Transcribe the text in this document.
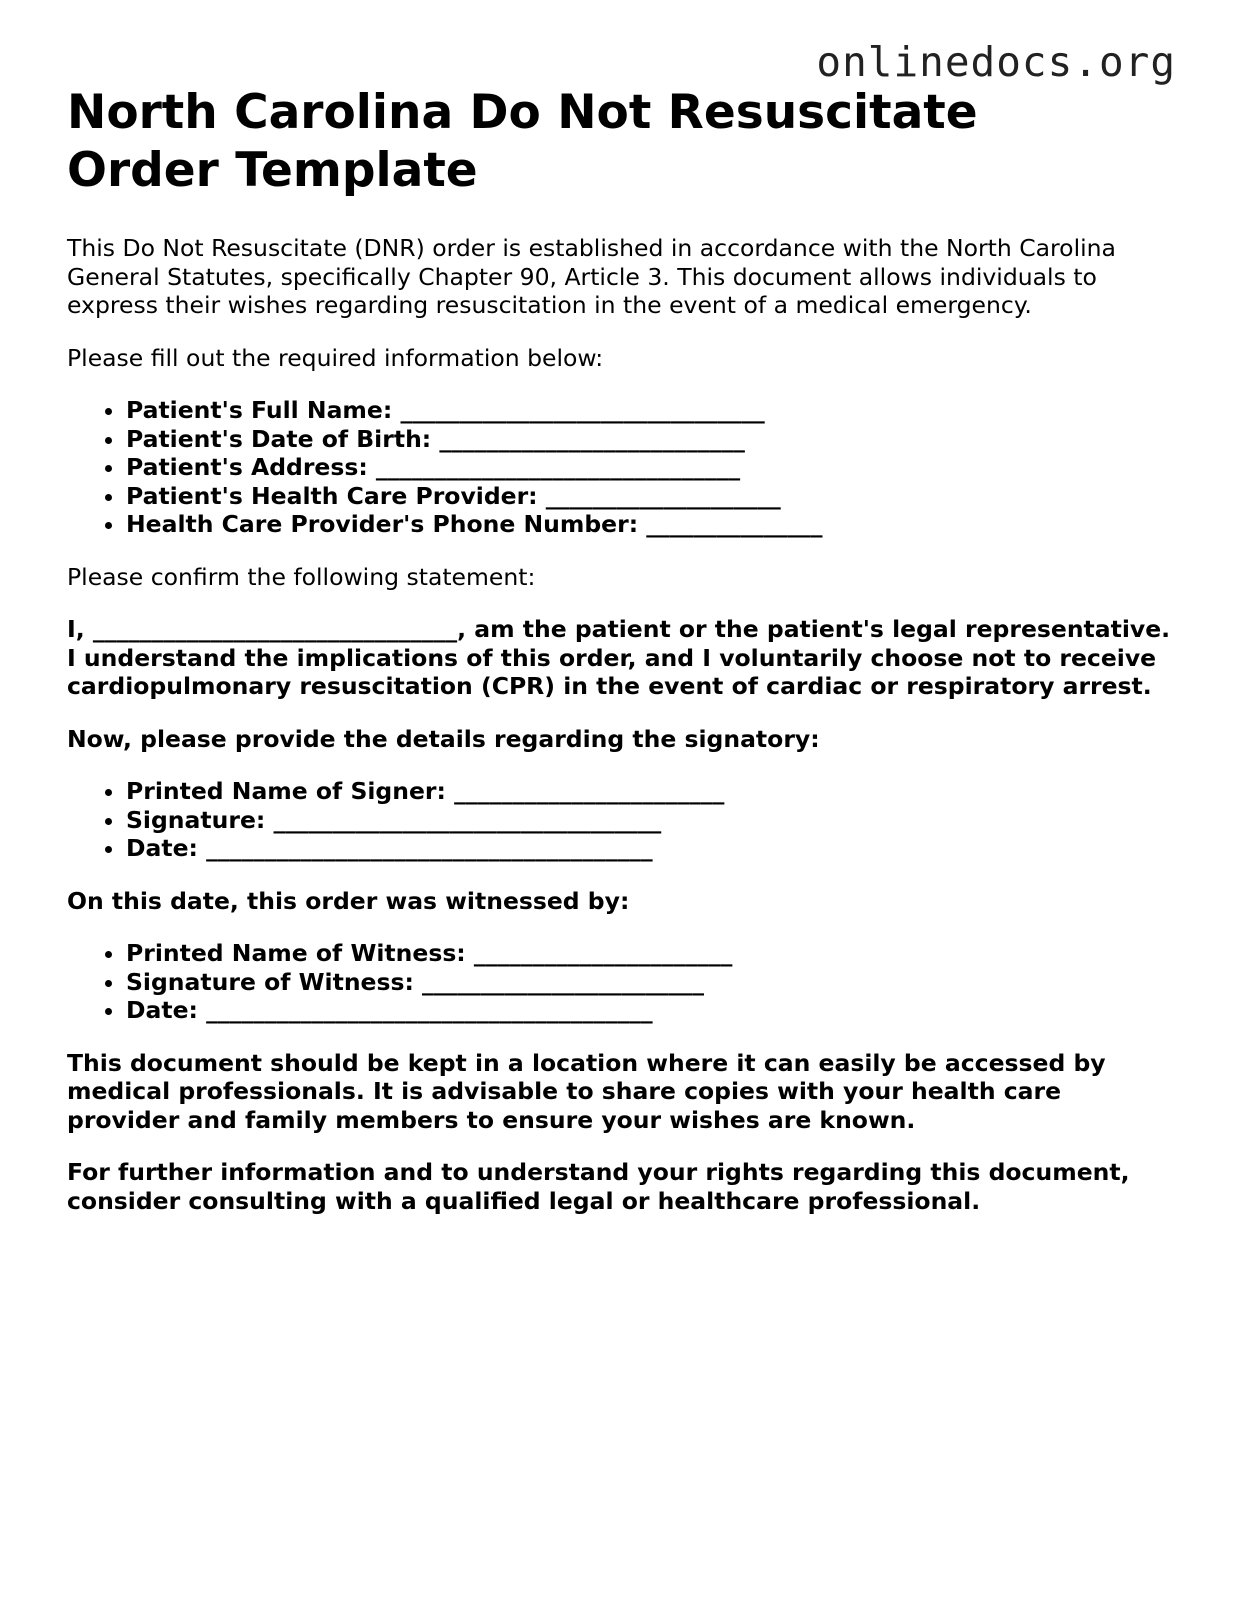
onlinedocs.org
North Carolina Do Not Resuscitate Order Template

This Do Not Resuscitate (DNR) order is established in accordance with the North Carolina General Statutes, specifically Chapter 90, Article 3. This document allows individuals to express their wishes regarding resuscitation in the event of a medical emergency.

Please fill out the required information below:

• Patient's Full Name: _______________________________
• Patient's Date of Birth: __________________________
• Patient's Address: _______________________________
• Patient's Health Care Provider: ____________________
• Health Care Provider's Phone Number: _______________

Please confirm the following statement:

I, _______________________________, am the patient or the patient's legal representative. I understand the implications of this order, and I voluntarily choose not to receive cardiopulmonary resuscitation (CPR) in the event of cardiac or respiratory arrest.

Now, please provide the details regarding the signatory:

• Printed Name of Signer: _______________________
• Signature: _________________________________
• Date: ______________________________________

On this date, this order was witnessed by:

• Printed Name of Witness: ______________________
• Signature of Witness: ________________________
• Date: ______________________________________

This document should be kept in a location where it can easily be accessed by medical professionals. It is advisable to share copies with your health care provider and family members to ensure your wishes are known.

For further information and to understand your rights regarding this document, consider consulting with a qualified legal or healthcare professional.
